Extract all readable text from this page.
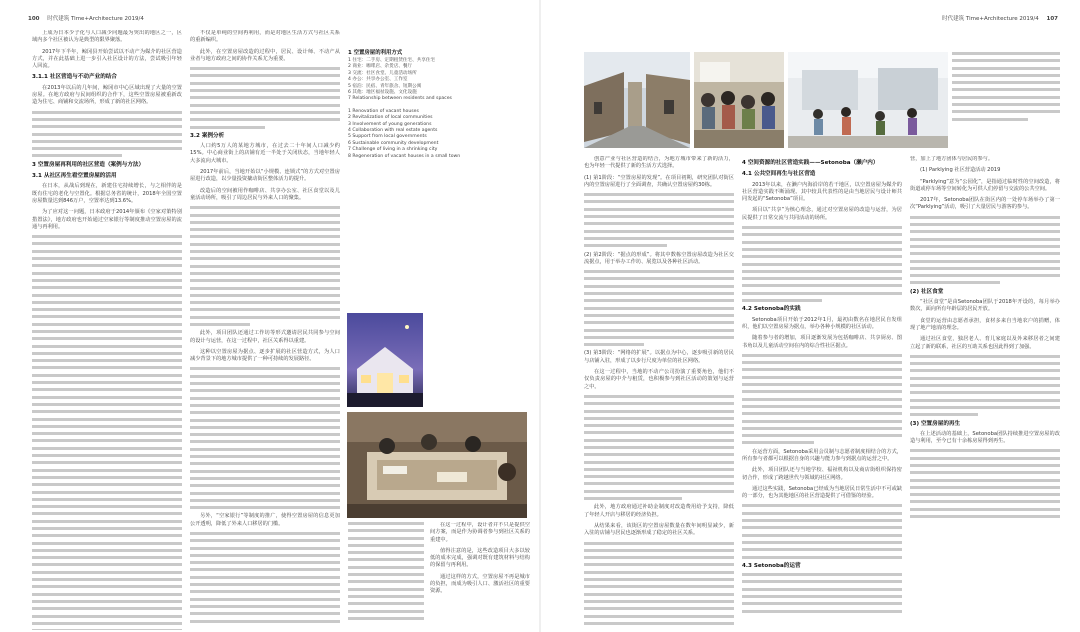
100 时代建筑 Time+Architecture 2019/4	时代建筑 Time+Architecture 2019/4 107

上成为日本少子化与人口减少问题最为突出的地区之一，区域内多个社区被认为是典型的限界聚落。

2017年下半年，鲸冈县开始尝试以不动产为媒介的社区营造方式，并在此基础上进一步引入社区设计的方法，尝试吸引年轻人回流。

3.1.1 社区营造与不动产业的结合

在2013年以后的几年间，鲸冈市中心区域出现了大量的空置房屋。在地方政府与民间组织的合作下，这些空置房屋被重新改造为住宅、商铺和交流场所，形成了新的社区网络。

3 空置房屋再利用的社区营造（案例与方法）
3.1 从社区再生看空置房屋的活用

在日本，从战后到现在，新建住宅持续增长，与之相伴的是既有住宅的老化与空置化。根据总务省的统计，2018年全国空置房屋数量达到846万户，空置率达到13.6%。

为了应对这一问题，日本政府于2014年颁布《空家对策特别措置法》，地方政府也开始通过空家银行等制度推动空置房屋的流通与再利用。

不仅是单纯的空间再利用，而是对地区生活方式与社区关系的重新编织。

此外，在空置房屋改造的过程中，居民、设计师、不动产从业者与地方政府之间的协作关系尤为重要。

3.2 案例分析

人口约5万人的某地方城市，在过去二十年间人口减少约15%。中心商业街上的店铺有近一半处于关闭状态，当地年轻人大多流向大城市。

2017年前后，当地开始以“小规模、连锁式”的方式对空置房屋进行改造，以少量投资撬动街区整体活力的提升。

改造后的空间被用作咖啡店、共享办公室、社区食堂以及儿童活动场所，吸引了周边居民与外来人口的聚集。

此外，项目团队还通过工作坊等形式邀请居民共同参与空间的设计与运营，在这一过程中，社区关系得以重建。

这种以空置房屋为据点、逐步扩展的社区营造方式，为人口减少背景下的地方城市提供了一种可持续的发展路径。

另外，“空家银行”等制度的推广，使得空置房屋的信息更加公开透明，降低了外来人口移居的门槛。

1 空置房屋的利用方式
1 住宅：二手房、定期租赁住宅、共享住宅
2 商业：咖啡店、杂货店、餐厅
3 交流：社区食堂、儿童活动场所
4 办公：共享办公室、工作室
5 宿泊：民宿、青年旅舍、短期公寓
6 其他：地区福祉设施、文化设施
7 Relationship between residents and spaces
1 Renovation of vacant houses
2 Revitalization of local communities
3 Involvement of young generations
4 Collaboration with real estate agents
5 Support from local governments
6 Sustainable community development
7 Challenge of living in a shrinking city
8 Regeneration of vacant houses in a small town

在这一过程中，设计者并不只是提供空间方案，而是作为协调者参与到社区关系的重建中。

值得注意的是，这些改造项目大多以较低的成本完成，强调对既有建筑材料与结构的保留与再利用。

通过这样的方式，空置房屋不再是城市的负担，而成为吸引人口、激活社区的重要资源。

创意产业与社区营造的结合，为地方城市带来了新的活力，也为年轻一代提供了新的生活方式选择。

(1) 第1阶段：“空置房屋的发现”。在项目初期，研究团队对街区内的空置房屋进行了全面调查，共确认空置房屋约30栋。

(2) 第2阶段：“据点的形成”。将其中数栋空置房屋改造为社区交流据点，用于举办工作坊、展览以及各种社区活动。

(3) 第3阶段：“网络的扩展”。以据点为中心，逐步吸引新的居民与店铺入驻，形成了以步行尺度为单位的社区网络。

在这一过程中，当地的不动产公司扮演了重要角色，他们不仅负责房屋的中介与租赁，也积极参与到社区活动的策划与运营之中。

此外，地方政府通过补助金制度对改造费用给予支持，降低了年轻人开店与移居的经济负担。

从结果来看，该街区的空置房屋数量在数年间明显减少，新入驻的店铺与居民也逐渐形成了稳定的社区关系。

4 空间资源的社区营造实践——Setonoba（濑户内）
4.1 公共空间再生与社区营造

2013年以来，在濑户内海沿岸的若干地区，以空置房屋为媒介的社区营造实践不断涌现。其中较具代表性的是由当地居民与设计师共同发起的“Setonoba”项目。

项目以“共享”为核心理念，通过对空置房屋的改造与运营，为居民提供了日常交流与共同活动的场所。

4.2 Setonoba的实践

Setonoba项目开始于2012年1月，最初由数名在地居民自发组织，他们以空置房屋为据点，举办各种小规模的社区活动。

随着参与者的增加，项目逐渐发展为包括咖啡店、共享厨房、图书角以及儿童活动空间在内的综合性社区据点。

在运营方面，Setonoba采用会员制与志愿者制度相结合的方式，所有参与者都可以根据自身的兴趣与能力参与到据点的运营之中。

此外，项目团队还与当地学校、福祉机构以及商店街组织保持密切合作，形成了跨越世代与领域的社区网络。

通过这些实践，Setonoba已经成为当地居民日常生活中不可或缺的一部分，也为其他地区的社区营造提供了可借鉴的经验。

4.3 Setonoba的运营

营，加上了地方团体与居民的参与。

(1) Parklying 社区营造活动 2019

“Parklying”意为“公园化”，是指通过临时性的空间改造，将街道或停车场等空间转化为可供人们停留与交流的公共空间。

2017年，Setonoba团队在街区内的一处停车场举办了第一次“Parklying”活动，吸引了大量居民与游客的参与。

(2) 社区食堂

“社区食堂”是由Setonoba团队于2018年开设的，每月举办数次，面向所有年龄层的居民开放。

食堂的运营由志愿者承担，食材多来自当地农户的捐赠，体现了地产地消的理念。

通过社区食堂，独居老人、育儿家庭以及外来移居者之间建立起了新的联系，社区的互助关系也因此得到了加强。

(3) 空置房屋的再生

在上述活动的基础上，Setonoba团队持续推进空置房屋的改造与利用，至今已有十余栋房屋得到再生。
